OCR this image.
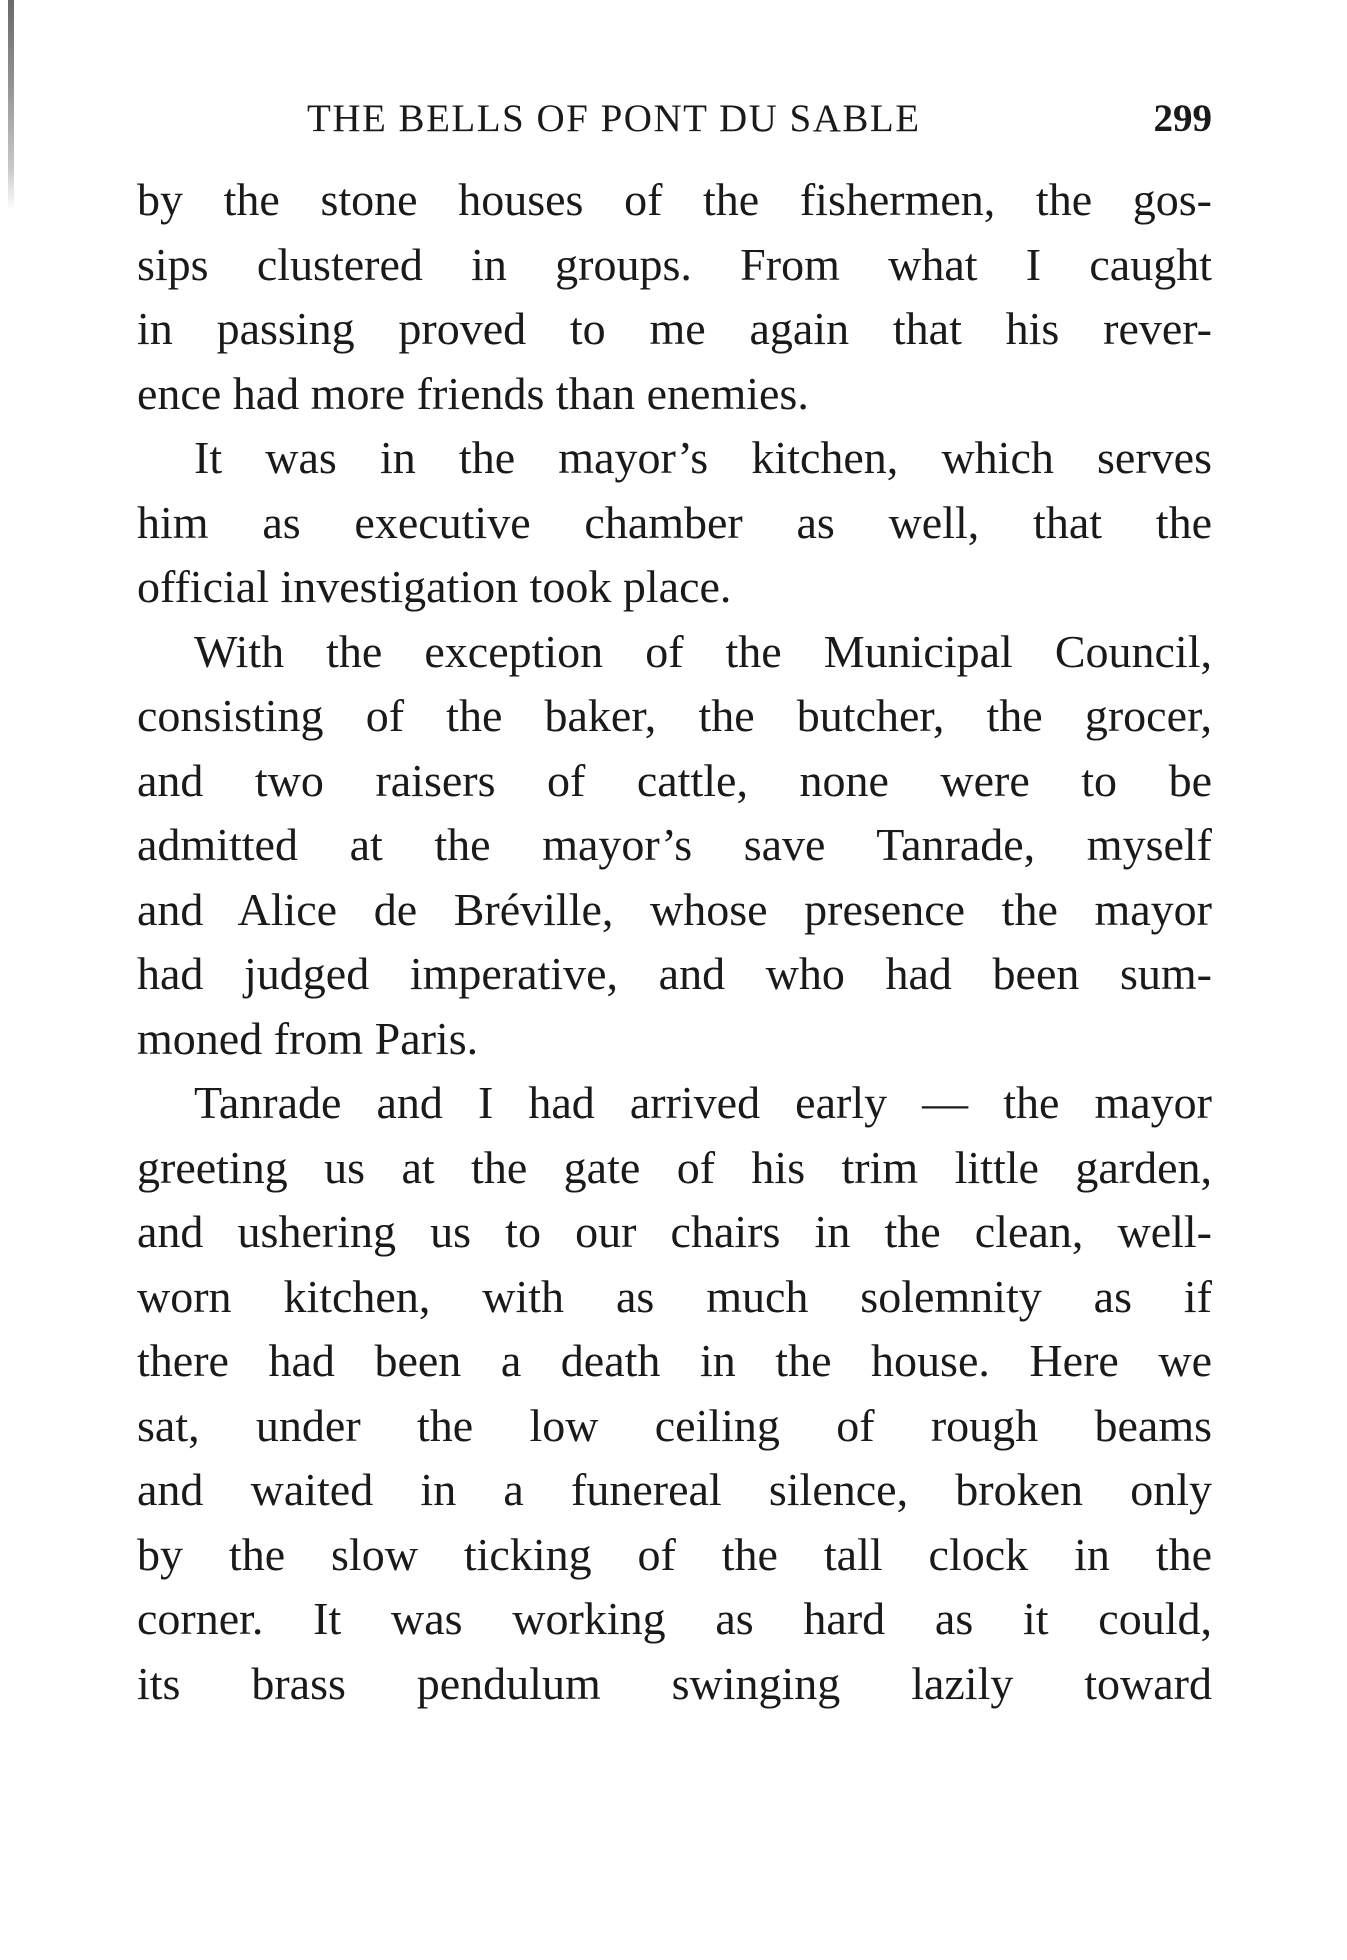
THE BELLS OF PONT DU SABLE	299
by the stone houses of the fishermen, the gos-
sips clustered in groups. From what I caught
in passing proved to me again that his rever-
ence had more friends than enemies.
It was in the mayor’s kitchen, which serves
him as executive chamber as well, that the
official investigation took place.
With the exception of the Municipal Council,
consisting of the baker, the butcher, the grocer,
and two raisers of cattle, none were to be
admitted at the mayor’s save Tanrade, myself
and Alice de Bréville, whose presence the mayor
had judged imperative, and who had been sum-
moned from Paris.
Tanrade and I had arrived early — the mayor
greeting us at the gate of his trim little garden,
and ushering us to our chairs in the clean, well-
worn kitchen, with as much solemnity as if
there had been a death in the house. Here we
sat, under the low ceiling of rough beams
and waited in a funereal silence, broken only
by the slow ticking of the tall clock in the
corner. It was working as hard as it could,
its brass pendulum swinging lazily toward
